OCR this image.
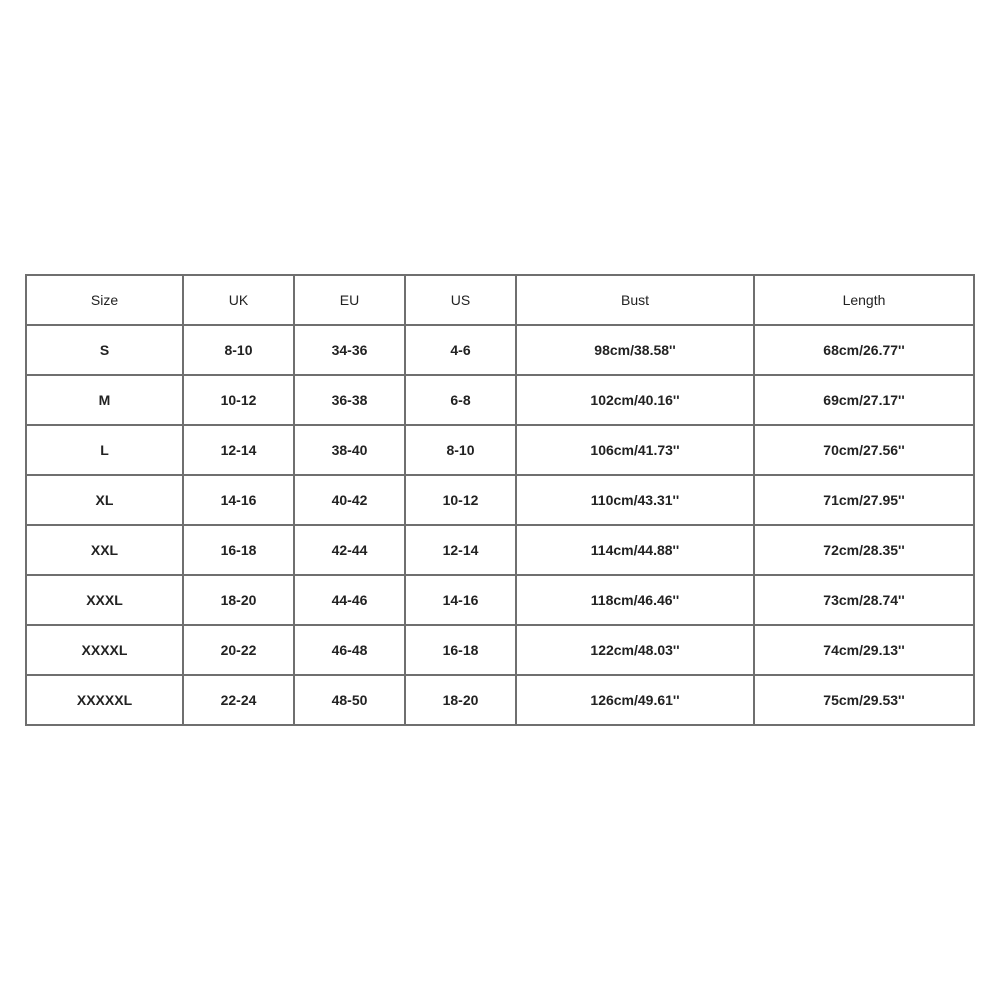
Size	UK	EU	US	Bust	Length
S	8-10	34-36	4-6	98cm/38.58''	68cm/26.77''
M	10-12	36-38	6-8	102cm/40.16''	69cm/27.17''
L	12-14	38-40	8-10	106cm/41.73''	70cm/27.56''
XL	14-16	40-42	10-12	110cm/43.31''	71cm/27.95''
XXL	16-18	42-44	12-14	114cm/44.88''	72cm/28.35''
XXXL	18-20	44-46	14-16	118cm/46.46''	73cm/28.74''
XXXXL	20-22	46-48	16-18	122cm/48.03''	74cm/29.13''
XXXXXL	22-24	48-50	18-20	126cm/49.61''	75cm/29.53''
